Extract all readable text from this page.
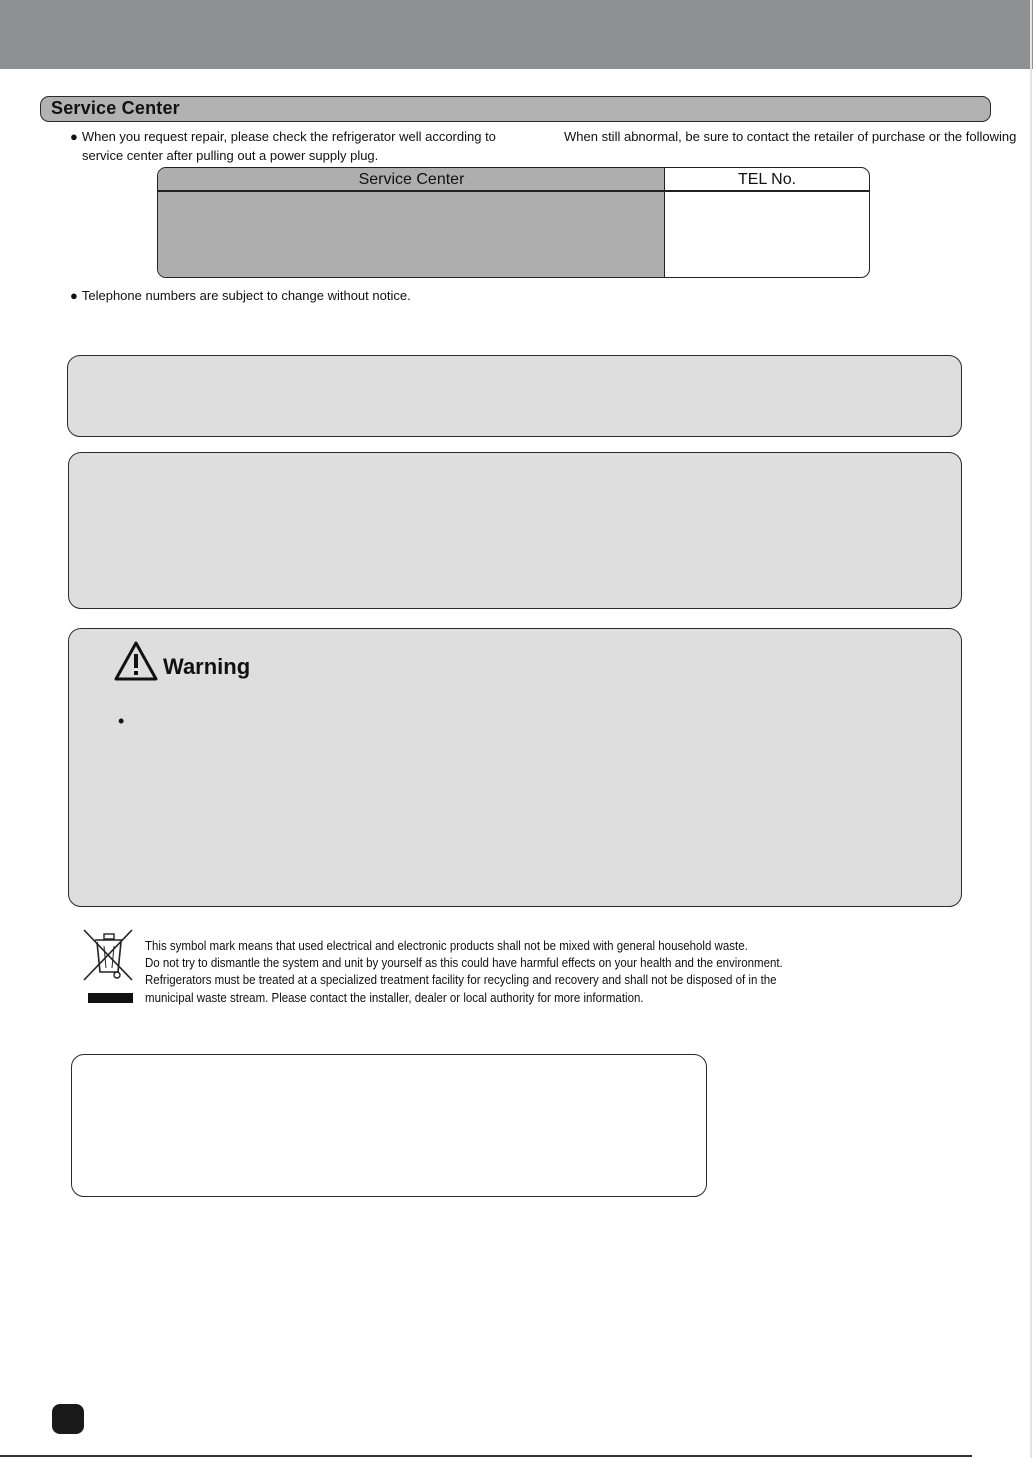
Service Center
● When you request repair, please check the refrigerator well according to	When still abnormal, be sure to contact the retailer of purchase or the following
service center after pulling out a power supply plug.
Service Center	TEL No.
● Telephone numbers are subject to change without notice.
Warning
•
This symbol mark means that used electrical and electronic products shall not be mixed with general household waste.
Do not try to dismantle the system and unit by yourself as this could have harmful effects on your health and the environment.
Refrigerators must be treated at a specialized treatment facility for recycling and recovery and shall not be disposed of in the
municipal waste stream. Please contact the installer, dealer or local authority for more information.
